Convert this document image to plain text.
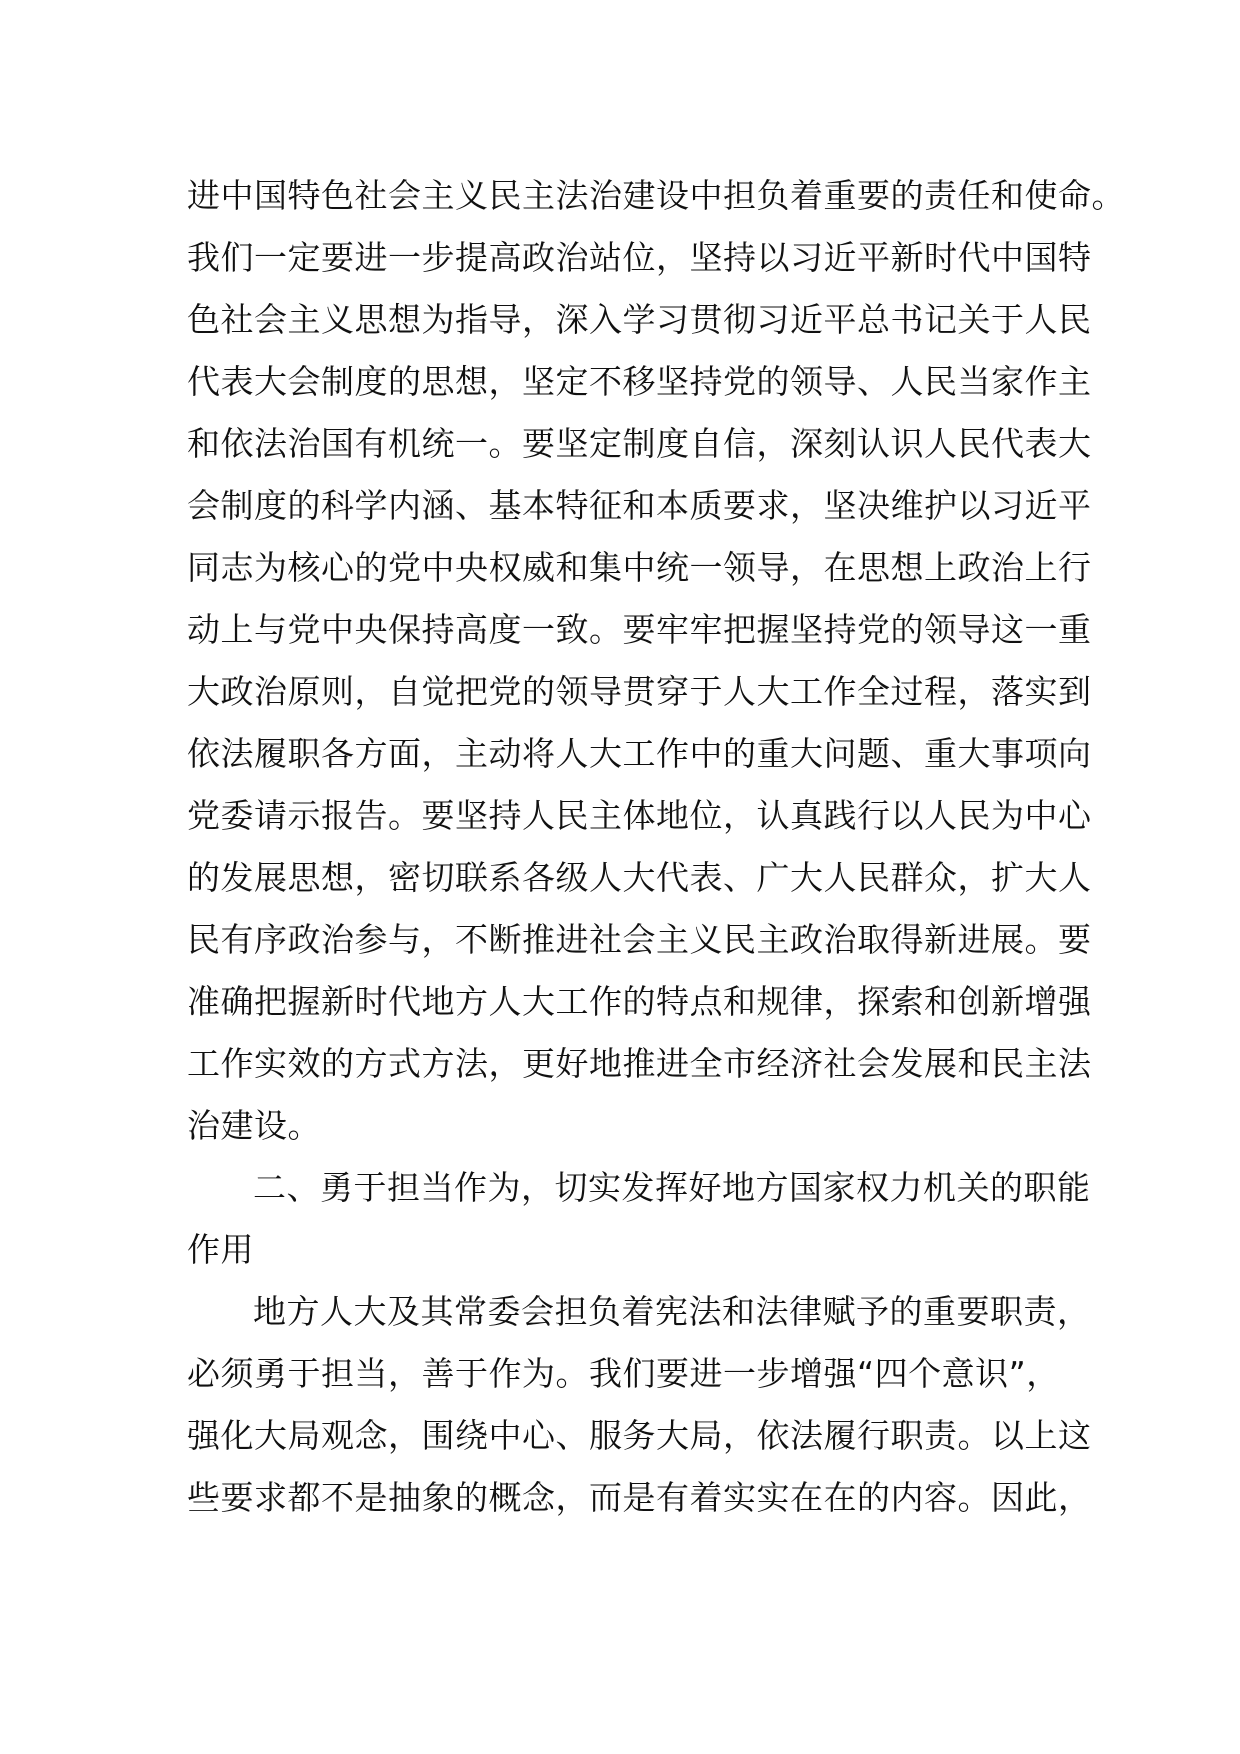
进中国特色社会主义民主法治建设中担负着重要的责任和使命。
我们一定要进一步提高政治站位，坚持以习近平新时代中国特
色社会主义思想为指导，深入学习贯彻习近平总书记关于人民
代表大会制度的思想，坚定不移坚持党的领导、人民当家作主
和依法治国有机统一。要坚定制度自信，深刻认识人民代表大
会制度的科学内涵、基本特征和本质要求，坚决维护以习近平
同志为核心的党中央权威和集中统一领导，在思想上政治上行
动上与党中央保持高度一致。要牢牢把握坚持党的领导这一重
大政治原则，自觉把党的领导贯穿于人大工作全过程，落实到
依法履职各方面，主动将人大工作中的重大问题、重大事项向
党委请示报告。要坚持人民主体地位，认真践行以人民为中心
的发展思想，密切联系各级人大代表、广大人民群众，扩大人
民有序政治参与，不断推进社会主义民主政治取得新进展。要
准确把握新时代地方人大工作的特点和规律，探索和创新增强
工作实效的方式方法，更好地推进全市经济社会发展和民主法
治建设。
二、勇于担当作为，切实发挥好地方国家权力机关的职能
作用
地方人大及其常委会担负着宪法和法律赋予的重要职责，
必须勇于担当，善于作为。我们要进一步增强“四个意识”，
强化大局观念，围绕中心、服务大局，依法履行职责。以上这
些要求都不是抽象的概念，而是有着实实在在的内容。因此，
